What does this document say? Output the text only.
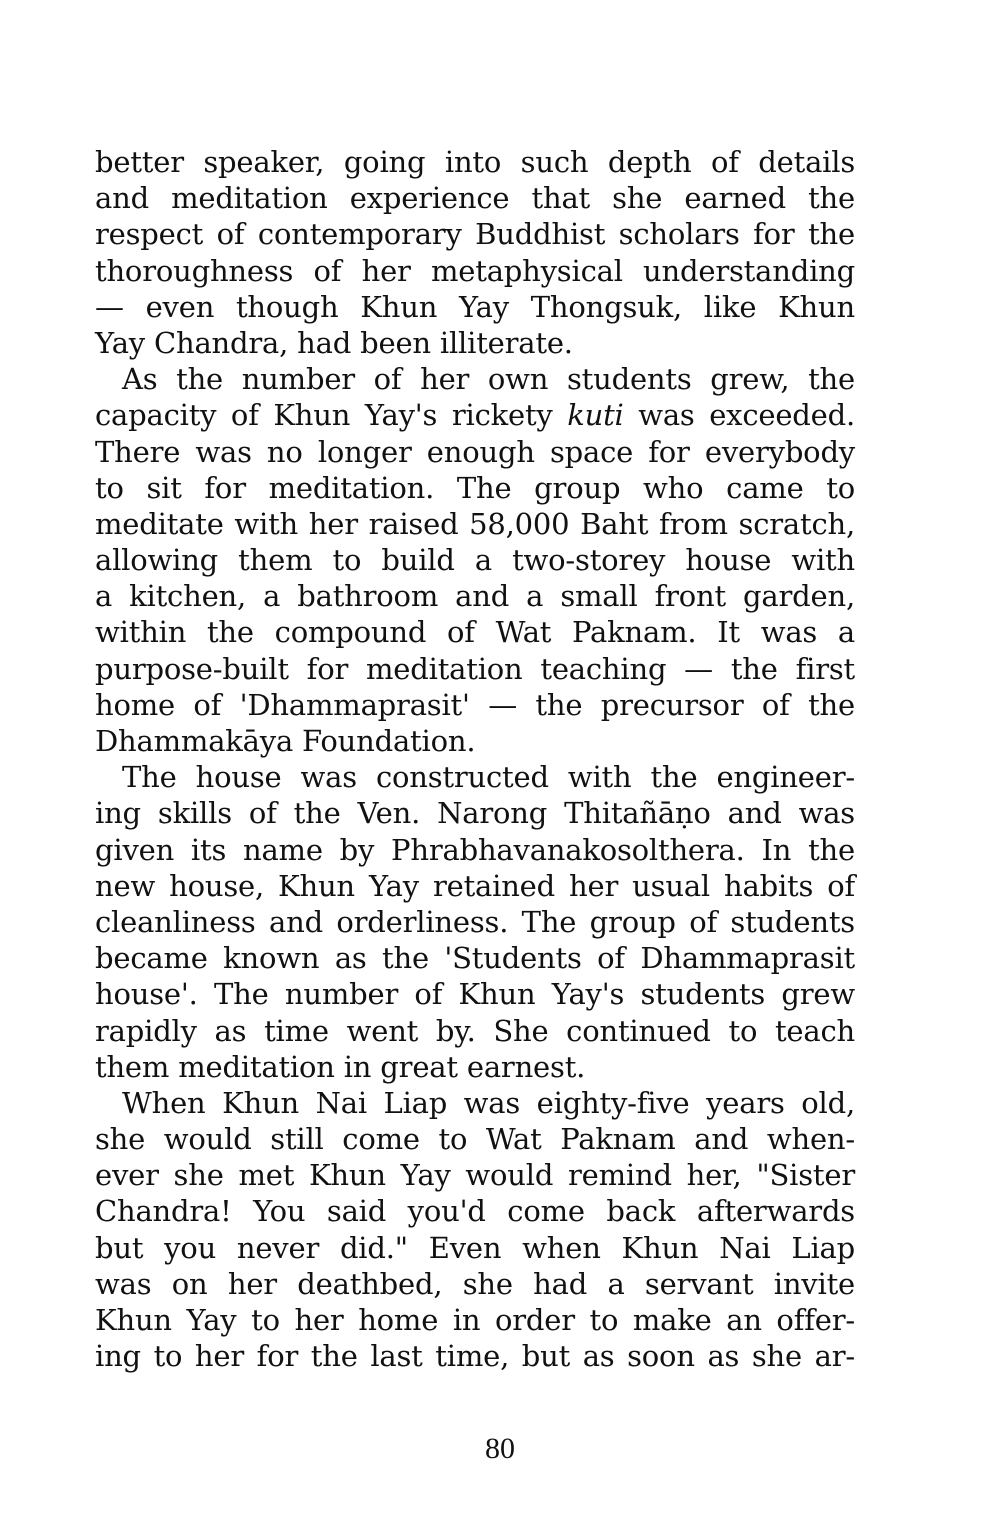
better speaker, going into such depth of details
and meditation experience that she earned the
respect of contemporary Buddhist scholars for the
thoroughness of her metaphysical understanding
— even though Khun Yay Thongsuk, like Khun
Yay Chandra, had been illiterate.
As the number of her own students grew, the
capacity of Khun Yay's rickety kuti was exceeded.
There was no longer enough space for everybody
to sit for meditation. The group who came to
meditate with her raised 58,000 Baht from scratch,
allowing them to build a two-storey house with
a kitchen, a bathroom and a small front garden,
within the compound of Wat Paknam. It was a
purpose-built for meditation teaching — the first
home of 'Dhammaprasit' — the precursor of the
Dhammakāya Foundation.
The house was constructed with the engineer-
ing skills of the Ven. Narong Thitañāṇo and was
given its name by Phrabhavanakosolthera. In the
new house, Khun Yay retained her usual habits of
cleanliness and orderliness. The group of students
became known as the 'Students of Dhammaprasit
house'. The number of Khun Yay's students grew
rapidly as time went by. She continued to teach
them meditation in great earnest.
When Khun Nai Liap was eighty-five years old,
she would still come to Wat Paknam and when-
ever she met Khun Yay would remind her, "Sister
Chandra! You said you'd come back afterwards
but you never did." Even when Khun Nai Liap
was on her deathbed, she had a servant invite
Khun Yay to her home in order to make an offer-
ing to her for the last time, but as soon as she ar-
80
